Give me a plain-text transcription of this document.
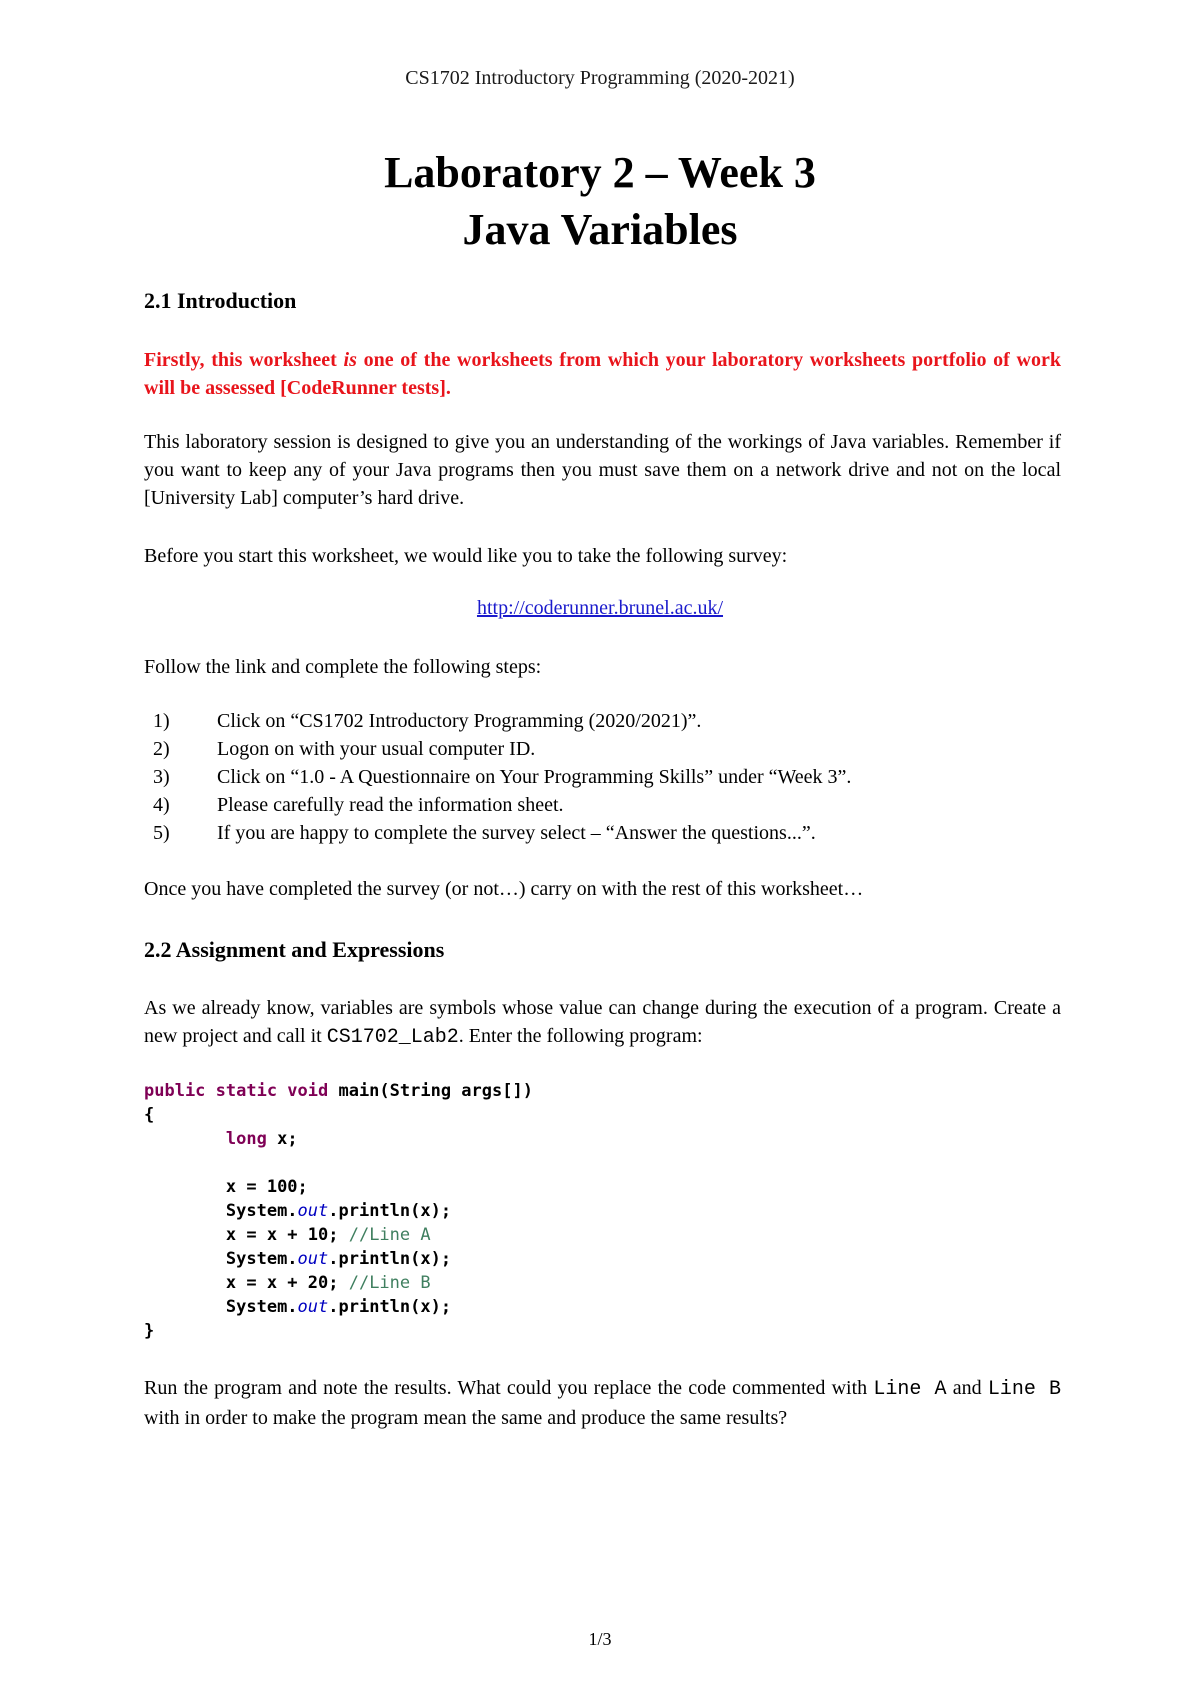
CS1702 Introductory Programming (2020-2021)
Laboratory 2 – Week 3
Java Variables
2.1 Introduction
Firstly, this worksheet is one of the worksheets from which your laboratory worksheets portfolio of work will be assessed [CodeRunner tests].
This laboratory session is designed to give you an understanding of the workings of Java variables. Remember if you want to keep any of your Java programs then you must save them on a network drive and not on the local [University Lab] computer’s hard drive.
Before you start this worksheet, we would like you to take the following survey:
http://coderunner.brunel.ac.uk/
Follow the link and complete the following steps:
1) Click on “CS1702 Introductory Programming (2020/2021)”.
2) Logon on with your usual computer ID.
3) Click on “1.0 - A Questionnaire on Your Programming Skills” under “Week 3”.
4) Please carefully read the information sheet.
5) If you are happy to complete the survey select – “Answer the questions...”.
Once you have completed the survey (or not…) carry on with the rest of this worksheet…
2.2 Assignment and Expressions
As we already know, variables are symbols whose value can change during the execution of a program. Create a new project and call it CS1702_Lab2. Enter the following program:
public static void main(String args[])
{
long x;

x = 100;
System.out.println(x);
x = x + 10; //Line A
System.out.println(x);
x = x + 20; //Line B
System.out.println(x);
}
Run the program and note the results. What could you replace the code commented with Line A and Line B with in order to make the program mean the same and produce the same results?
1/3
